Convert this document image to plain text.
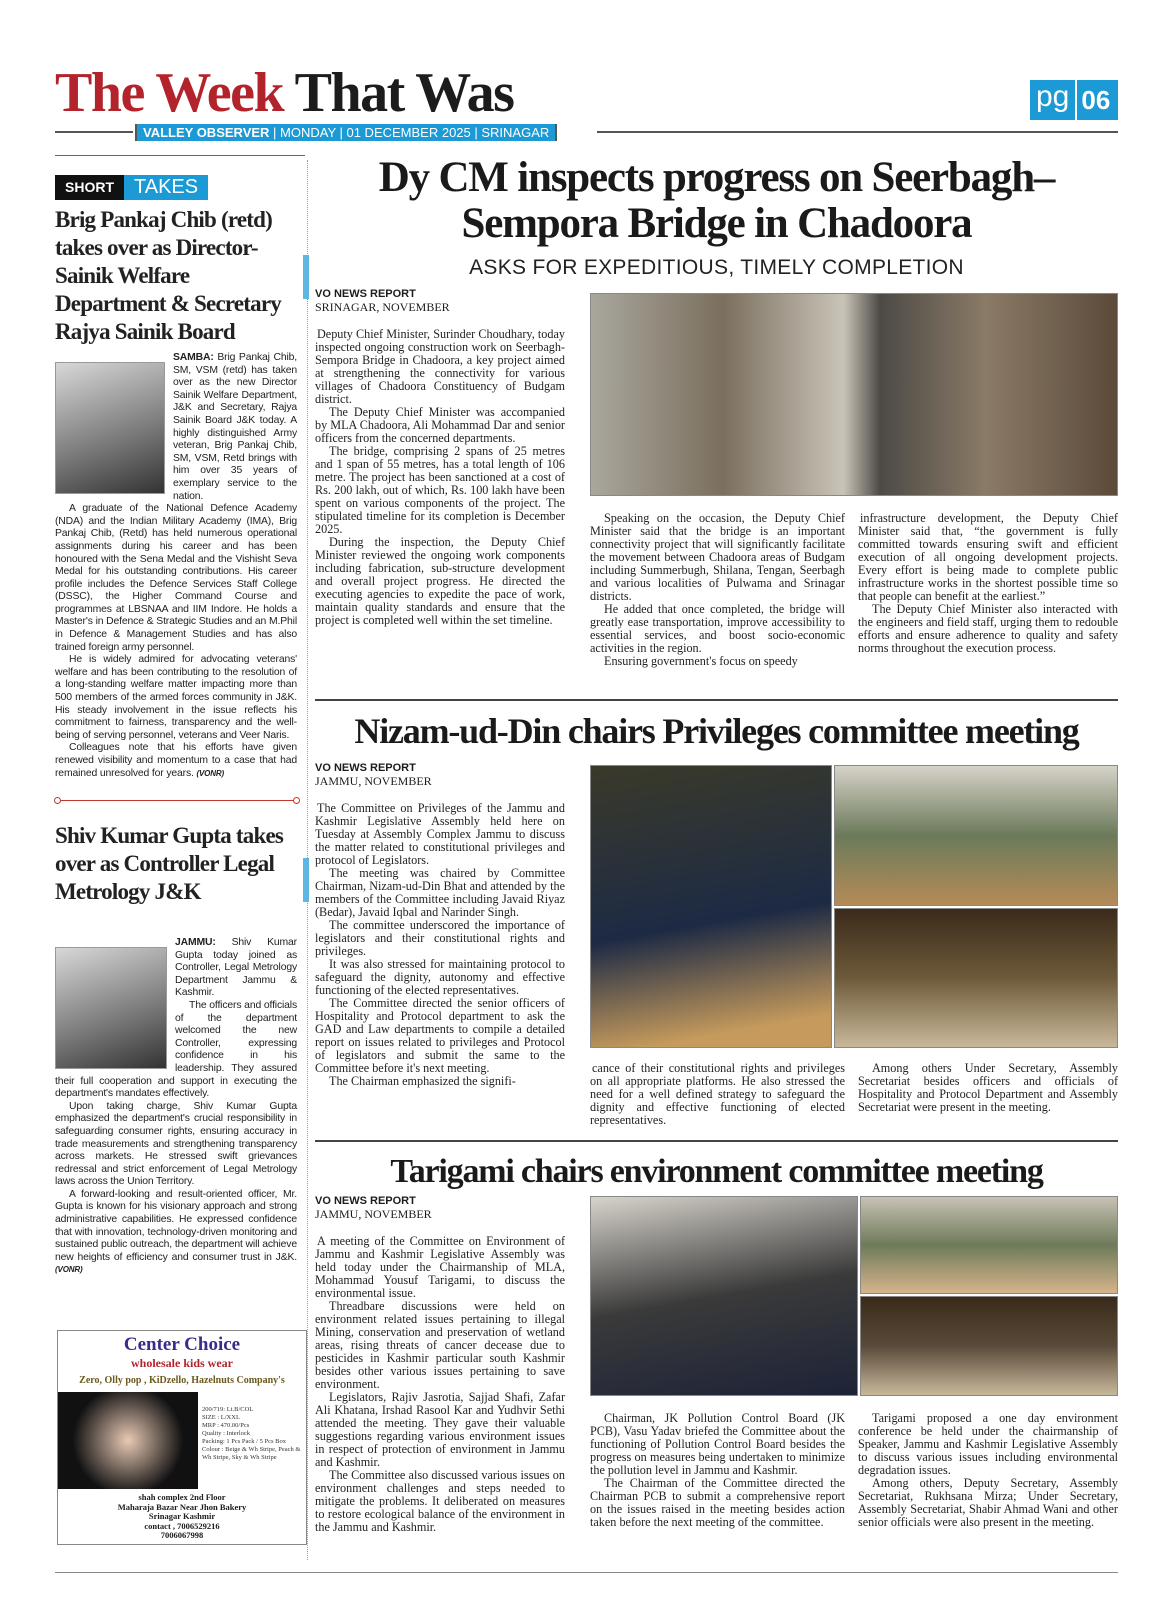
The Week That Was	pg 06
VALLEY OBSERVER | MONDAY | 01 DECEMBER 2025 | SRINAGAR
SHORT	TAKES
Brig Pankaj Chib (retd) takes over as Director- Sainik Welfare Department & Secretary Rajya Sainik Board

SAMBA: Brig Pankaj Chib, SM, VSM (retd) has taken over as the new Director Sainik Welfare Department, J&K and Secretary, Rajya Sainik Board J&K today. A highly distinguished Army veteran, Brig Pankaj Chib, SM, VSM, Retd brings with him over 35 years of exemplary service to the nation.

A graduate of the National Defence Academy (NDA) and the Indian Military Academy (IMA), Brig Pankaj Chib, (Retd) has held numerous operational assignments during his career and has been honoured with the Sena Medal and the Vishisht Seva Medal for his outstanding contributions. His career profile includes the Defence Services Staff College (DSSC), the Higher Command Course and programmes at LBSNAA and IIM Indore. He holds a Master's in Defence & Strategic Studies and an M.Phil in Defence & Management Studies and has also trained foreign army personnel.

He is widely admired for advocating veterans' welfare and has been contributing to the resolution of a long-standing welfare matter impacting more than 500 members of the armed forces community in J&K. His steady involvement in the issue reflects his commitment to fairness, transparency and the well-being of serving personnel, veterans and Veer Naris.

Colleagues note that his efforts have given renewed visibility and momentum to a case that had remained unresolved for years. (VONR)

Shiv Kumar Gupta takes over as Controller Legal Metrology J&K

JAMMU: Shiv Kumar Gupta today joined as Controller, Legal Metrology Department Jammu & Kashmir.

The officers and officials of the department welcomed the new Controller, expressing confidence in his leadership. They assured their full cooperation and support in executing the department's mandates effectively.

Upon taking charge, Shiv Kumar Gupta emphasized the department's crucial responsibility in safeguarding consumer rights, ensuring accuracy in trade measurements and strengthening transparency across markets. He stressed swift grievances redressal and strict enforcement of Legal Metrology laws across the Union Territory.

A forward-looking and result-oriented officer, Mr. Gupta is known for his visionary approach and strong administrative capabilities. He expressed confidence that with innovation, technology-driven monitoring and sustained public outreach, the department will achieve new heights of efficiency and consumer trust in J&K. (VONR)

Center Choice
wholesale kids wear
Zero, Olly pop , KiDzello, Hazelnuts Company's
200/719: Lt.B/COL
SIZE : L/XXL
MRP : 470.00/Pcs
Quality : Interlock
Packing: 1 Pcs Pack / 5 Pcs Box
Colour : Beige & Wh Stripe, Peach & Wh Stripe, Sky & Wh Stripe
shah complex 2nd Floor
Maharaja Bazar Near Jhon Bakery
Srinagar Kashmir
contact , 7006529216
7006067998
Dy CM inspects progress on Seerbagh–Sempora Bridge in Chadoora
ASKS FOR EXPEDITIOUS, TIMELY COMPLETION
VO NEWS REPORT
SRINAGAR, NOVEMBER

Deputy Chief Minister, Surinder Choudhary, today inspected ongoing construction work on Seerbagh- Sempora Bridge in Chadoora, a key project aimed at strengthening the connectivity for various villages of Chadoora Constituency of Budgam district.

The Deputy Chief Minister was accompanied by MLA Chadoora, Ali Mohammad Dar and senior officers from the concerned departments.

The bridge, comprising 2 spans of 25 metres and 1 span of 55 metres, has a total length of 106 metre. The project has been sanctioned at a cost of Rs. 200 lakh, out of which, Rs. 100 lakh have been spent on various components of the project. The stipulated timeline for its completion is December 2025.

During the inspection, the Deputy Chief Minister reviewed the ongoing work components including fabrication, sub-structure development and overall project progress. He directed the executing agencies to expedite the pace of work, maintain quality standards and ensure that the project is completed well within the set timeline.

Speaking on the occasion, the Deputy Chief Minister said that the bridge is an important connectivity project that will significantly facilitate the movement between Chadoora areas of Budgam including Summerbugh, Shilana, Tengan, Seerbagh and various localities of Pulwama and Srinagar districts.

He added that once completed, the bridge will greatly ease transportation, improve accessibility to essential services, and boost socio-economic activities in the region.

Ensuring government's focus on speedy

infrastructure development, the Deputy Chief Minister said that, “the government is fully committed towards ensuring swift and efficient execution of all ongoing development projects. Every effort is being made to complete public infrastructure works in the shortest possible time so that people can benefit at the earliest.”

The Deputy Chief Minister also interacted with the engineers and field staff, urging them to redouble efforts and ensure adherence to quality and safety norms throughout the execution process.

Nizam-ud-Din chairs Privileges committee meeting
VO NEWS REPORT
JAMMU, NOVEMBER

The Committee on Privileges of the Jammu and Kashmir Legislative Assembly held here on Tuesday at Assembly Complex Jammu to discuss the matter related to constitutional privileges and protocol of Legislators.

The meeting was chaired by Committee Chairman, Nizam-ud-Din Bhat and attended by the members of the Committee including Javaid Riyaz (Bedar), Javaid Iqbal and Narinder Singh.

The committee underscored the importance of legislators and their constitutional rights and privileges.

It was also stressed for maintaining protocol to safeguard the dignity, autonomy and effective functioning of the elected representatives.

The Committee directed the senior officers of Hospitality and Protocol department to ask the GAD and Law departments to compile a detailed report on issues related to privileges and Protocol of legislators and submit the same to the Committee before it's next meeting.

The Chairman emphasized the signifi-

cance of their constitutional rights and privileges on all appropriate platforms. He also stressed the need for a well defined strategy to safeguard the dignity and effective functioning of elected representatives.

Among others Under Secretary, Assembly Secretariat besides officers and officials of Hospitality and Protocol Department and Assembly Secretariat were present in the meeting.

Tarigami chairs environment committee meeting
VO NEWS REPORT
JAMMU, NOVEMBER

A meeting of the Committee on Environment of Jammu and Kashmir Legislative Assembly was held today under the Chairmanship of MLA, Mohammad Yousuf Tarigami, to discuss the environmental issue.

Threadbare discussions were held on environment related issues pertaining to illegal Mining, conservation and preservation of wetland areas, rising threats of cancer decease due to pesticides in Kashmir particular south Kashmir besides other various issues pertaining to save environment.

Legislators, Rajiv Jasrotia, Sajjad Shafi, Zafar Ali Khatana, Irshad Rasool Kar and Yudhvir Sethi attended the meeting. They gave their valuable suggestions regarding various environment issues in respect of protection of environment in Jammu and Kashmir.

The Committee also discussed various issues on environment challenges and steps needed to mitigate the problems. It deliberated on measures to restore ecological balance of the environment in the Jammu and Kashmir.

Chairman, JK Pollution Control Board (JK PCB), Vasu Yadav briefed the Committee about the functioning of Pollution Control Board besides the progress on measures being undertaken to minimize the pollution level in Jammu and Kashmir.

The Chairman of the Committee directed the Chairman PCB to submit a comprehensive report on the issues raised in the meeting besides action taken before the next meeting of the committee.

Tarigami proposed a one day environment conference be held under the chairmanship of Speaker, Jammu and Kashmir Legislative Assembly to discuss various issues including environmental degradation issues.

Among others, Deputy Secretary, Assembly Secretariat, Rukhsana Mirza; Under Secretary, Assembly Secretariat, Shabir Ahmad Wani and other senior officials were also present in the meeting.
